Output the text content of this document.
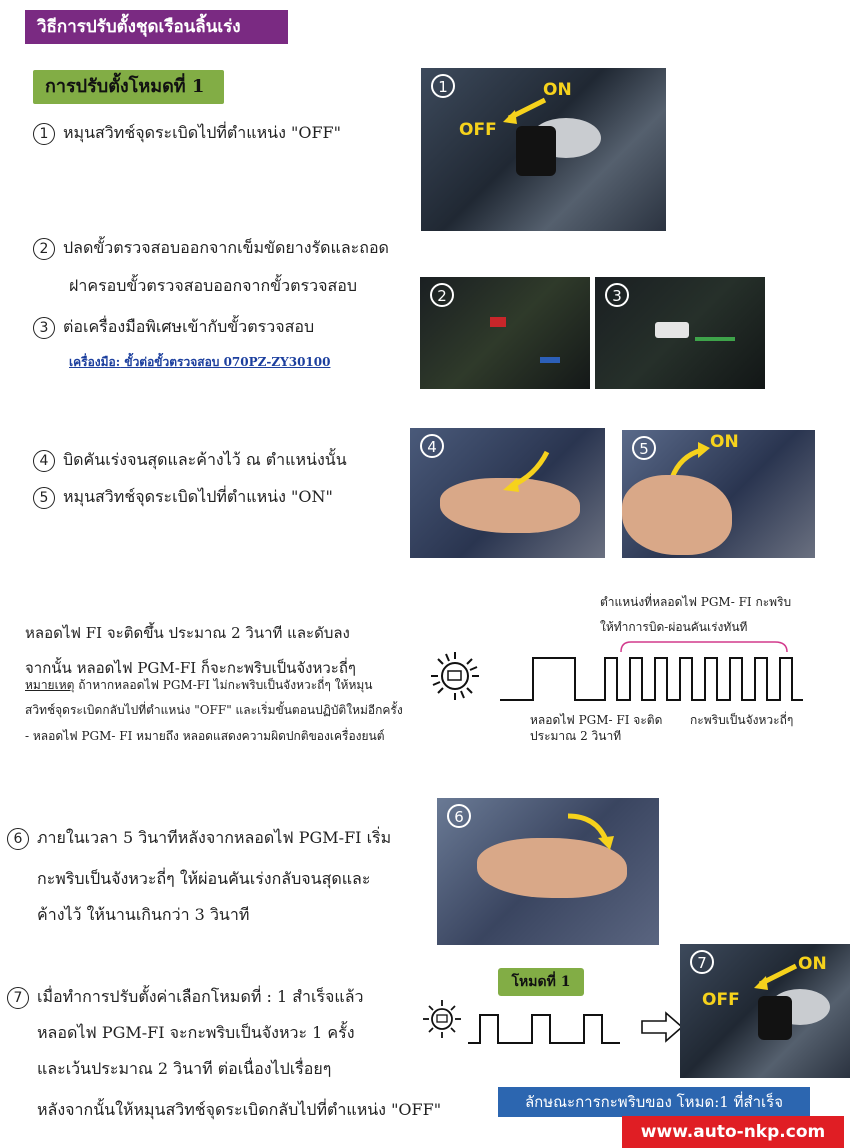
วิธีการปรับตั้งชุดเรือนลิ้นเร่ง
การปรับตั้งโหมดที่ 1
1 หมุนสวิทช์จุดระเบิดไปที่ตำแหน่ง "OFF"
1	ON
OFF
2 ปลดขั้วตรวจสอบออกจากเข็มขัดยางรัดและถอด
ฝาครอบขั้วตรวจสอบออกจากขั้วตรวจสอบ
3 ต่อเครื่องมือพิเศษเข้ากับขั้วตรวจสอบ
เครื่องมือ: ขั้วต่อขั้วตรวจสอบ 070PZ-ZY30100
2	3
4 บิดคันเร่งจนสุดและค้างไว้ ณ ตำแหน่งนั้น
5 หมุนสวิทช์จุดระเบิดไปที่ตำแหน่ง "ON"
4	5	ON
หลอดไฟ FI จะติดขึ้น ประมาณ 2 วินาที และดับลง
จากนั้น หลอดไฟ PGM-FI ก็จะกะพริบเป็นจังหวะถี่ๆ
หมายเหตุ ถ้าหากหลอดไฟ PGM-FI ไม่กะพริบเป็นจังหวะถี่ๆ ให้หมุน
สวิทช์จุดระเบิดกลับไปที่ตำแหน่ง "OFF" และเริ่มขั้นตอนปฏิบัติใหม่อีกครั้ง
- หลอดไฟ PGM- FI หมายถึง หลอดแสดงความผิดปกติของเครื่องยนต์
ตำแหน่งที่หลอดไฟ PGM- FI กะพริบ
ให้ทำการบิด-ผ่อนคันเร่งทันที
หลอดไฟ PGM- FI จะติด
ประมาณ 2 วินาที
กะพริบเป็นจังหวะถี่ๆ
6 ภายในเวลา 5 วินาทีหลังจากหลอดไฟ PGM-FI เริ่ม
กะพริบเป็นจังหวะถี่ๆ ให้ผ่อนคันเร่งกลับจนสุดและ
ค้างไว้ ให้นานเกินกว่า 3 วินาที
6
7 เมื่อทำการปรับตั้งค่าเลือกโหมดที่ : 1 สำเร็จแล้ว
หลอดไฟ PGM-FI จะกะพริบเป็นจังหวะ 1 ครั้ง
และเว้นประมาณ 2 วินาที ต่อเนื่องไปเรื่อยๆ
หลังจากนั้นให้หมุนสวิทช์จุดระเบิดกลับไปที่ตำแหน่ง "OFF"
โหมดที่ 1
7	ON
OFF
ลักษณะการกะพริบของ โหมด:1 ที่สำเร็จ
www.auto-nkp.com
